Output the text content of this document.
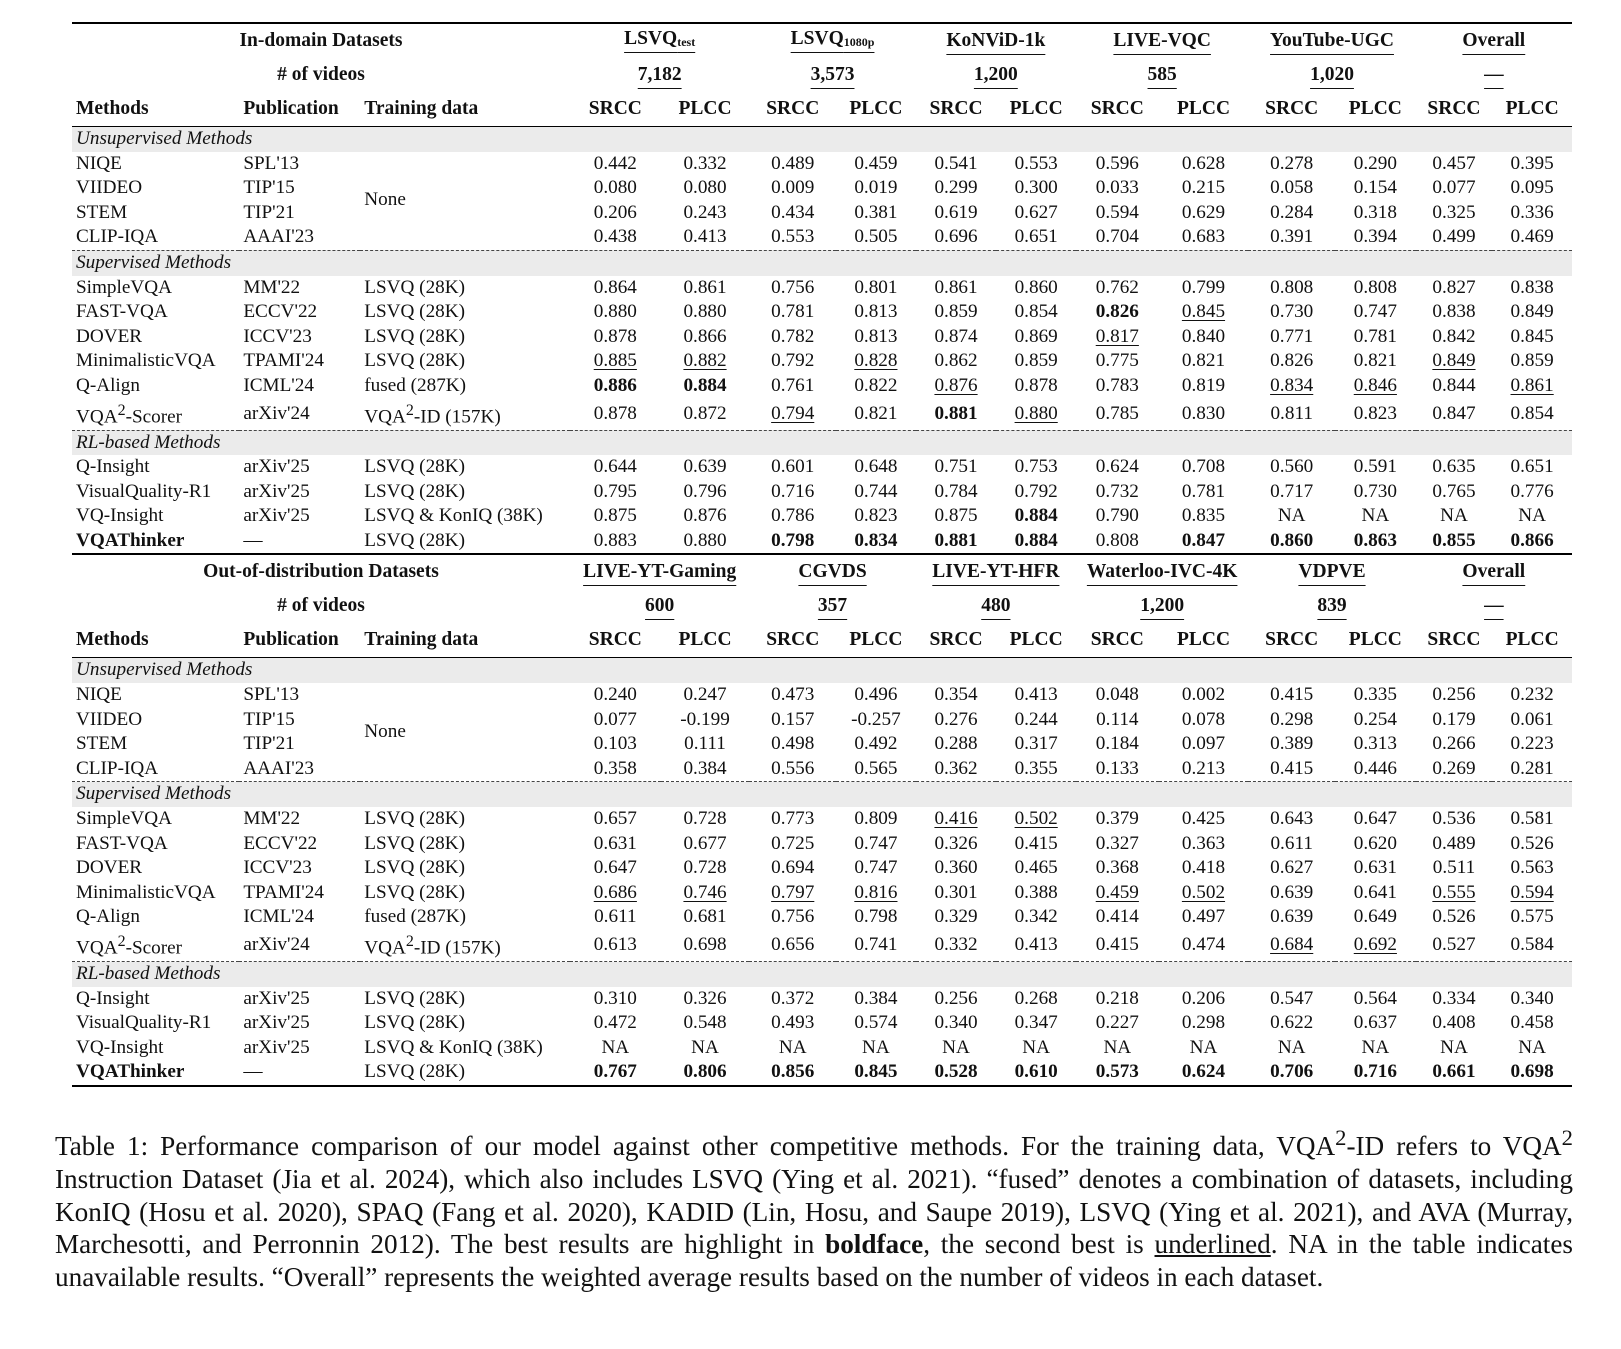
In-domain Datasets			LSVQtest		LSVQ1080p		KoNViD-1k		LIVE-VQC		YouTube-UGC		Overall	
# of videos			7,182		3,573		1,200		585		1,020		—	
Methods	Publication	Training data	SRCC	PLCC	SRCC	PLCC	SRCC	PLCC	SRCC	PLCC	SRCC	PLCC	SRCC	PLCC
Unsupervised Methods														
NIQE	SPL'13		0.442	0.332	0.489	0.459	0.541	0.553	0.596	0.628	0.278	0.290	0.457	0.395
VIIDEO	TIP'15	None	0.080	0.080	0.009	0.019	0.299	0.300	0.033	0.215	0.058	0.154	0.077	0.095
STEM	TIP'21		0.206	0.243	0.434	0.381	0.619	0.627	0.594	0.629	0.284	0.318	0.325	0.336
CLIP-IQA	AAAI'23		0.438	0.413	0.553	0.505	0.696	0.651	0.704	0.683	0.391	0.394	0.499	0.469
Supervised Methods														
SimpleVQA	MM'22	LSVQ (28K)	0.864	0.861	0.756	0.801	0.861	0.860	0.762	0.799	0.808	0.808	0.827	0.838
FAST-VQA	ECCV'22	LSVQ (28K)	0.880	0.880	0.781	0.813	0.859	0.854	0.826	0.845	0.730	0.747	0.838	0.849
DOVER	ICCV'23	LSVQ (28K)	0.878	0.866	0.782	0.813	0.874	0.869	0.817	0.840	0.771	0.781	0.842	0.845
MinimalisticVQA	TPAMI'24	LSVQ (28K)	0.885	0.882	0.792	0.828	0.862	0.859	0.775	0.821	0.826	0.821	0.849	0.859
Q-Align	ICML'24	fused (287K)	0.886	0.884	0.761	0.822	0.876	0.878	0.783	0.819	0.834	0.846	0.844	0.861
VQA$^2$-Scorer	arXiv'24	VQA$^2$-ID (157K)	0.878	0.872	0.794	0.821	0.881	0.880	0.785	0.830	0.811	0.823	0.847	0.854
RL-based Methods														
Q-Insight	arXiv'25	LSVQ (28K)	0.644	0.639	0.601	0.648	0.751	0.753	0.624	0.708	0.560	0.591	0.635	0.651
VisualQuality-R1	arXiv'25	LSVQ (28K)	0.795	0.796	0.716	0.744	0.784	0.792	0.732	0.781	0.717	0.730	0.765	0.776
VQ-Insight	arXiv'25	LSVQ & KonIQ (38K)	0.875	0.876	0.786	0.823	0.875	0.884	0.790	0.835	NA	NA	NA	NA
VQAThinker	—	LSVQ (28K)	0.883	0.880	0.798	0.834	0.881	0.884	0.808	0.847	0.860	0.863	0.855	0.866
Out-of-distribution Datasets			LIVE-YT-Gaming		CGVDS		LIVE-YT-HFR		Waterloo-IVC-4K		VDPVE		Overall	
# of videos			600		357		480		1,200		839		—	
Methods	Publication	Training data	SRCC	PLCC	SRCC	PLCC	SRCC	PLCC	SRCC	PLCC	SRCC	PLCC	SRCC	PLCC
Unsupervised Methods														
NIQE	SPL'13		0.240	0.247	0.473	0.496	0.354	0.413	0.048	0.002	0.415	0.335	0.256	0.232
VIIDEO	TIP'15	None	0.077	-0.199	0.157	-0.257	0.276	0.244	0.114	0.078	0.298	0.254	0.179	0.061
STEM	TIP'21		0.103	0.111	0.498	0.492	0.288	0.317	0.184	0.097	0.389	0.313	0.266	0.223
CLIP-IQA	AAAI'23		0.358	0.384	0.556	0.565	0.362	0.355	0.133	0.213	0.415	0.446	0.269	0.281
Supervised Methods														
SimpleVQA	MM'22	LSVQ (28K)	0.657	0.728	0.773	0.809	0.416	0.502	0.379	0.425	0.643	0.647	0.536	0.581
FAST-VQA	ECCV'22	LSVQ (28K)	0.631	0.677	0.725	0.747	0.326	0.415	0.327	0.363	0.611	0.620	0.489	0.526
DOVER	ICCV'23	LSVQ (28K)	0.647	0.728	0.694	0.747	0.360	0.465	0.368	0.418	0.627	0.631	0.511	0.563
MinimalisticVQA	TPAMI'24	LSVQ (28K)	0.686	0.746	0.797	0.816	0.301	0.388	0.459	0.502	0.639	0.641	0.555	0.594
Q-Align	ICML'24	fused (287K)	0.611	0.681	0.756	0.798	0.329	0.342	0.414	0.497	0.639	0.649	0.526	0.575
VQA$^2$-Scorer	arXiv'24	VQA$^2$-ID (157K)	0.613	0.698	0.656	0.741	0.332	0.413	0.415	0.474	0.684	0.692	0.527	0.584
RL-based Methods														
Q-Insight	arXiv'25	LSVQ (28K)	0.310	0.326	0.372	0.384	0.256	0.268	0.218	0.206	0.547	0.564	0.334	0.340
VisualQuality-R1	arXiv'25	LSVQ (28K)	0.472	0.548	0.493	0.574	0.340	0.347	0.227	0.298	0.622	0.637	0.408	0.458
VQ-Insight	arXiv'25	LSVQ & KonIQ (38K)	NA	NA	NA	NA	NA	NA	NA	NA	NA	NA	NA	NA
VQAThinker	—	LSVQ (28K)	0.767	0.806	0.856	0.845	0.528	0.610	0.573	0.624	0.706	0.716	0.661	0.698

Table 1: Performance comparison of our model against other competitive methods. For the training data, VQA$^2$-ID refers to VQA$^2$ Instruction Dataset (Jia et al. 2024), which also includes LSVQ (Ying et al. 2021). “fused” denotes a combination of datasets, including KonIQ (Hosu et al. 2020), SPAQ (Fang et al. 2020), KADID (Lin, Hosu, and Saupe 2019), LSVQ (Ying et al. 2021), and AVA (Murray, Marchesotti, and Perronnin 2012). The best results are highlight in boldface, the second best is underlined. NA in the table indicates unavailable results. “Overall” represents the weighted average results based on the number of videos in each dataset.
